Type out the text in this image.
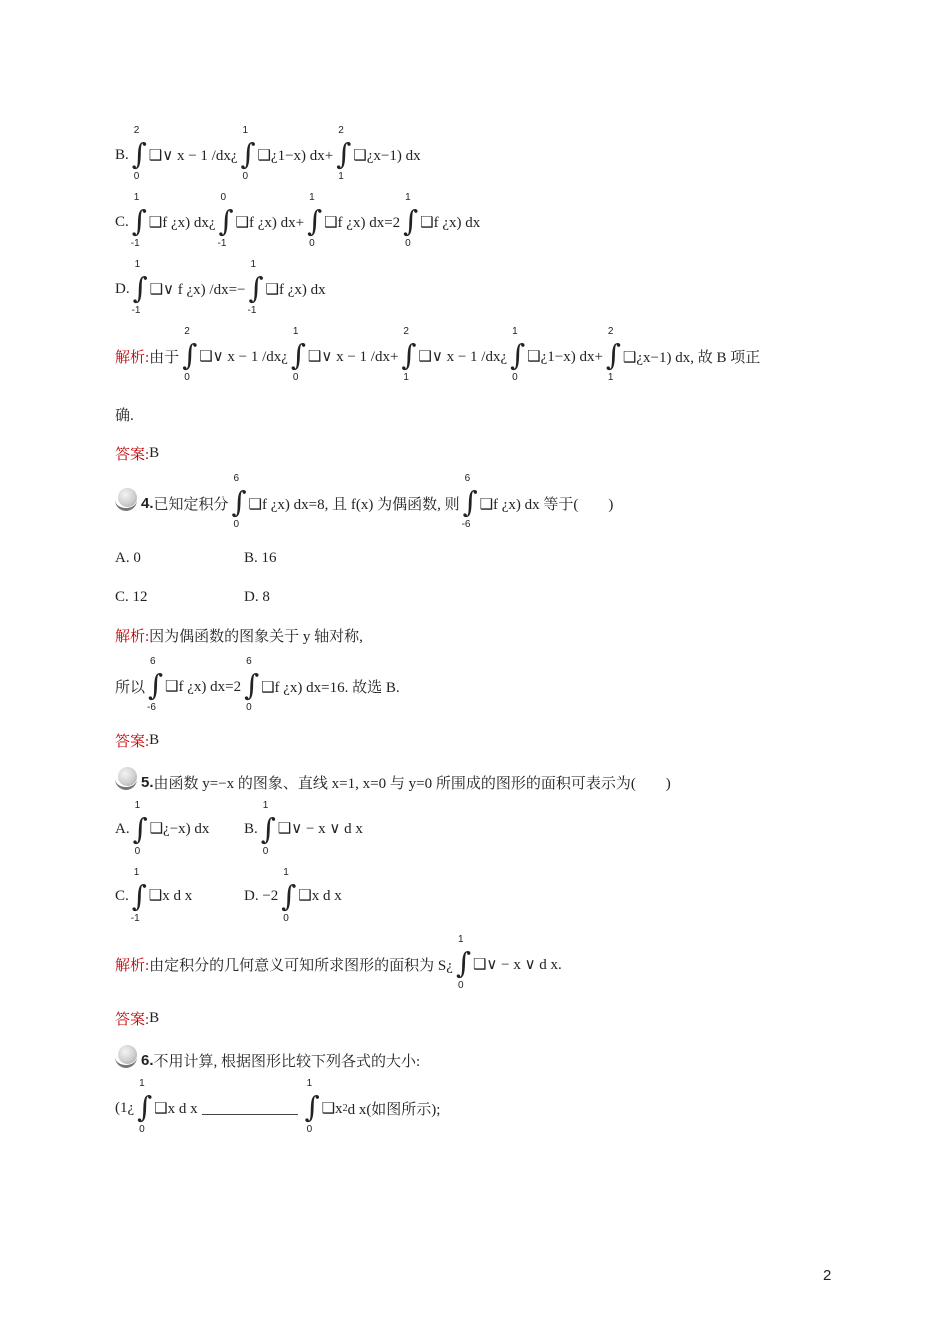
B.
2
∫
0
❑∨ x − 1 /dx¿
1
∫
0
❑¿1−x) dx+
2
∫
1
❑¿x−1) dx
C.
1
∫
-1
❑f ¿x) dx¿
0
∫
-1
❑f ¿x) dx+
1
∫
0
❑f ¿x) dx=2
1
∫
0
❑f ¿x) dx
D.
1
∫
-1
❑∨ f ¿x) /dx=−
1
∫
-1
❑f ¿x) dx
解析: 由于
2
∫
0
❑∨ x − 1 /dx¿
1
∫
0
❑∨ x − 1 /dx+
2
∫
1
❑∨ x − 1 /dx¿
1
∫
0
❑¿1−x) dx+
2
∫
1
❑¿x−1) dx, 故 B 项正
确.
答案: B
4. 已知定积分
6
∫
0
❑f ¿x) dx=8, 且 f(x) 为偶函数, 则
6
∫
-6
❑f ¿x) dx 等于(　　)
A. 0	B. 16
C. 12	D. 8
解析: 因为偶函数的图象关于 y 轴对称,
所以
6
∫
-6
❑f ¿x) dx=2
6
∫
0
❑f ¿x) dx=16. 故选 B.
答案: B
5. 由函数 y=−x 的图象、直线 x=1, x=0 与 y=0 所围成的图形的面积可表示为(　　)
A.
1
∫
0
❑¿−x) dx	B.
1
∫
0
❑∨ − x ∨ d x
C.
1
∫
-1
❑x d x	D. −2
1
∫
0
❑x d x
解析: 由定积分的几何意义可知所求图形的面积为 S¿
1
∫
0
❑∨ − x ∨ d x.
答案: B
6. 不用计算, 根据图形比较下列各式的大小:
(1¿
1
∫
0
❑x d x
1
∫
0
❑x 2 d x(如图所示);
2
